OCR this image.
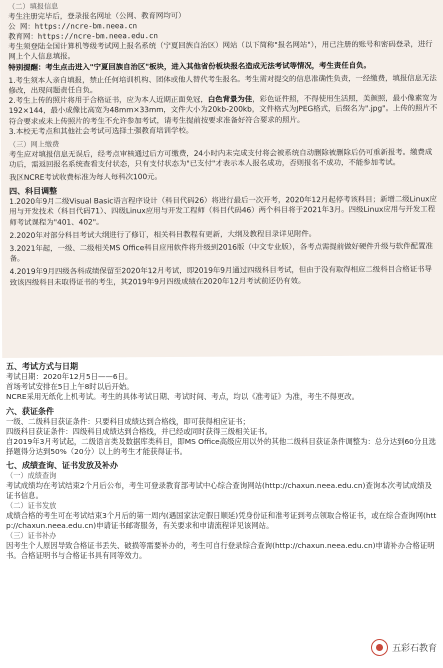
（二）填报信息

考生注册完毕后，登录报名网址（公网、教育网均可）

公 网：https://ncre-bm.neea.cn

教育网：https://ncre-bm.neea.edu.cn

考生须登陆全国计算机等级考试网上报名系统（宁夏回族自治区）网站（以下简称"报名网站"），用已注册的账号和密码登录，进行网上个人信息填报。

特别提醒：考生点击进入"宁夏回族自治区"板块，进入其他省份板块报名造成无法考试等情况，考生责任自负。

1.考生须本人亲自填报，禁止任何培训机构、团体或他人替代考生报名。考生需对提交的信息准确性负责，一经缴费，填报信息无法修改，出现问题责任自负。

2.考生上传的照片将用于合格证书，应为本人近期正面免冠，白色背景为佳，彩色证件照，不得使用生活照，美颜照，最小像素宽为192×144，最小成像比高宽为48mm×33mm，文件大小为20kb-200kb，文件格式为JPEG格式，后缀名为".jpg"。上传的照片不符合要求或未上传照片的考生不允许参加考试，请考生提前按要求准备好符合要求的照片。

3.本校无考点和其他社会考试可选择土强教育培训学校。

（三）网上缴费

考生应对填报信息无误后，经考点审核通过后方可缴费，24小时内未完成支付将会被系统自动删除被删除后仍可重新报考。缴费成功后，需返回报名系统查看支付状态，只有支付状态为"已支付"才表示本人报名成功，否则报名不成功，不能参加考试。

我区NCRE考试收费标准为每人每科次100元。

四、科目调整

1.2020年9月二级Visual Basic语言程序设计（科目代码26）将进行最后一次开考，2020年12月起停考该科目；新增二级Linux应用与开发技术（科目代码71）、四级Linux应用与开发工程师（科目代码46）两个科目将于2021年3月。四级Linux应用与开发工程师考试课程为"401、402"。

2.2020年对部分科目考试大纲进行了修订，相关科目教程有更新，大纲及教程目录详见附件。

3.2021年起，一级、二级相关MS Office科目应用软件将升级到2016版（中文专业版），各考点需提前做好硬件升级与软件配置准备。

4.2019年9月四级各科成绩保留至2020年12月考试，即2019年9月通过四级科目考试，但由于没有取得相应二级科目合格证书导致该四级科目未取得证书的考生，其2019年9月四级成绩在2020年12月考试前还仍有效。

五、考试方式与日期

考试日期：2020年12月5日——6日。

首场考试安排在5日上午8时以后开始。

NCRE采用无纸化上机考试。考生的具体考试日期、考试时间、考点，均以《准考证》为准，考生不得更改。

六、获证条件

一级、二级科目获证条件：只要科目成绩达到合格线，即可获得相应证书；

四级科目获证条件：四级科目成绩达到合格线，并已经或同时获得三级相关证书。

自2019年3月考试起，二级语言类及数据库类科目，即MS Office高级应用以外的其他二级科目获证条件调整为：总分达到60分且选择题得分达到50%（20分）以上的考生才能获得证书。

七、成绩查询、证书发放及补办

（一）成绩查询

考试成绩均在考试结束2个月后公布，考生可登录教育部考试中心综合查询网站(http://chaxun.neea.edu.cn)查询本次考试成绩及证书信息。

（二）证书发放

成绩合格的考生可在考试结束3个月后的第一周内(遇国家法定假日顺延)凭身份证和准考证到考点领取合格证书，或在综合查询网(http://chaxun.neea.edu.cn)申请证书邮寄服务，有关要求和申请流程详见该网站。

（三）证书补办

因考生个人原因导致合格证书丢失、破损等需要补办的，考生可自行登录综合查询(http://chaxun.neea.edu.cn)申请补办合格证明书。合格证明书与合格证书具有同等效力。

五彩石教育
